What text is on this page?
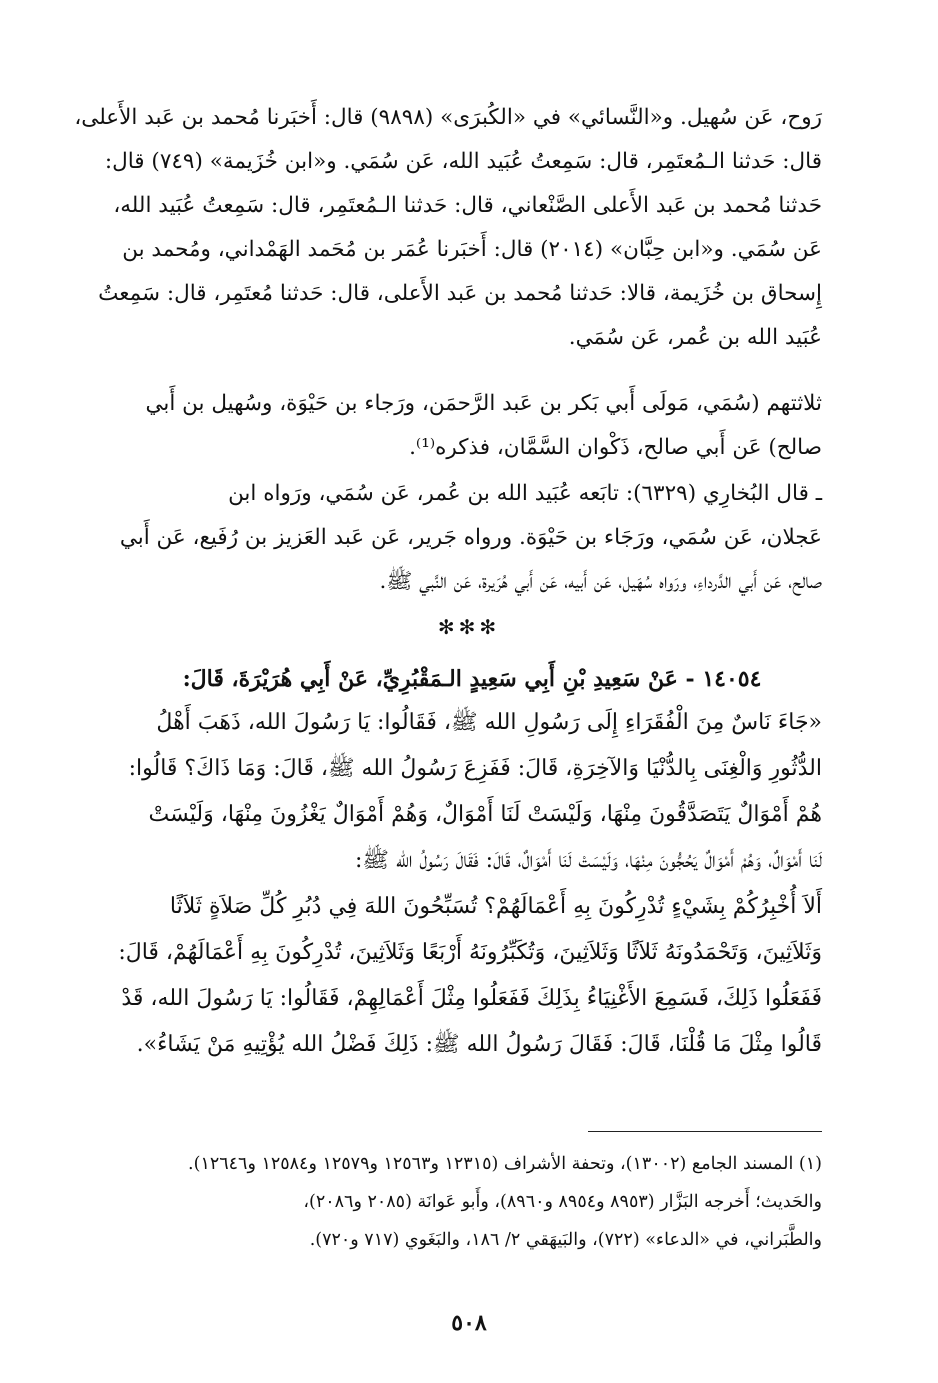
رَوح، عَن سُهيل. و«النَّسائي» في «الكُبرَى» (٩٨٩٨) قال: أَخبَرنا مُحمد بن عَبد الأَعلى،
قال: حَدثنا الـمُعتَمِر، قال: سَمِعتُ عُبَيد الله، عَن سُمَي. و«ابن خُزَيمة» (٧٤٩) قال:
حَدثنا مُحمد بن عَبد الأَعلى الصَّنْعاني، قال: حَدثنا الـمُعتَمِر، قال: سَمِعتُ عُبَيد الله،
عَن سُمَي. و«ابن حِبَّان» (٢٠١٤) قال: أَخبَرنا عُمَر بن مُحَمد الهَمْداني، ومُحمد بن
إِسحاق بن خُزَيمة، قالا: حَدثنا مُحمد بن عَبد الأَعلى، قال: حَدثنا مُعتَمِر، قال: سَمِعتُ
عُبَيد الله بن عُمر، عَن سُمَي.
ثلاثتهم (سُمَي، مَولَى أَبي بَكر بن عَبد الرَّحمَن، ورَجاء بن حَيْوَة، وسُهيل بن أَبي
صالح) عَن أَبي صالح، ذَكْوان السَّمَّان، فذكره⁽¹⁾.
ـ قال البُخارِي (٦٣٢٩): تابَعه عُبَيد الله بن عُمر، عَن سُمَي، ورَواه ابن
عَجلان، عَن سُمَي، ورَجَاء بن حَيْوَة. ورواه جَرير، عَن عَبد العَزيز بن رُفَيع، عَن أَبي
صالح، عَن أَبي الدَّرداءِ، ورَواه سُهَيل، عَن أَبيه، عَن أَبي هُرَيرة، عَن النَّبي ﷺ.
✻✻✻
١٤٠٥٤ - عَنْ سَعِيدِ بْنِ أَبِي سَعِيدٍ الـمَقْبُرِيِّ، عَنْ أَبِي هُرَيْرَةَ، قَالَ:
«جَاءَ نَاسٌ مِنَ الْفُقَرَاءِ إِلَى رَسُولِ الله ﷺ، فَقَالُوا: يَا رَسُولَ الله، ذَهَبَ أَهْلُ
الدُّثُورِ وَالْغِنَى بِالدُّنْيَا وَالآخِرَةِ، قَالَ: فَفَزِعَ رَسُولُ الله ﷺ، قَالَ: وَمَا ذَاكَ؟ قَالُوا:
هُمْ أَمْوَالٌ يَتَصَدَّقُونَ مِنْهَا، وَلَيْسَتْ لَنَا أَمْوَالٌ، وَهُمْ أَمْوَالٌ يَغْزُونَ مِنْهَا، وَلَيْسَتْ
لَنَا أَمْوَالٌ، وَهُمْ أَمْوَالٌ يَحُجُّونَ مِنْهَا، وَلَيْسَتْ لَنَا أَمْوَالٌ، قَالَ: فَقَالَ رَسُولُ الله ﷺ:
أَلاَ أُخْبِرُكُمْ بِشَيْءٍ تُدْرِكُونَ بِهِ أَعْمَالَهُمْ؟ تُسَبِّحُونَ اللهَ فِي دُبُرِ كُلِّ صَلاَةٍ ثَلاَثًا
وَثَلاَثِينَ، وَتَحْمَدُونَهُ ثَلاَثًا وَثَلاَثِينَ، وَتُكَبِّرُونَهُ أَرْبَعًا وَثَلاَثِينَ، تُدْرِكُونَ بِهِ أَعْمَالَهُمْ، قَالَ:
فَفَعَلُوا ذَلِكَ، فَسَمِعَ الأَغْنِيَاءُ بِذَلِكَ فَفَعَلُوا مِثْلَ أَعْمَالِهِمْ، فَقَالُوا: يَا رَسُولَ الله، قَدْ
قَالُوا مِثْلَ مَا قُلْنَا، قَالَ: فَقَالَ رَسُولُ الله ﷺ: ذَلِكَ فَضْلُ الله يُؤْتِيهِ مَنْ يَشَاءُ».
(١) المسند الجامع (١٣٠٠٢)، وتحفة الأشراف (١٢٣١٥ و١٢٥٦٣ و١٢٥٧٩ و١٢٥٨٤ و١٢٦٤٦).
والحَديث؛ أَخرجه البَزَّار (٨٩٥٣ و٨٩٥٤ و٨٩٦٠)، وأَبو عَوانَة (٢٠٨٥ و٢٠٨٦)،
والطَّبَراني، في «الدعاء» (٧٢٢)، والبَيهَقي ٢/ ١٨٦، والبَغَوي (٧١٧ و٧٢٠).
٥٠٨
